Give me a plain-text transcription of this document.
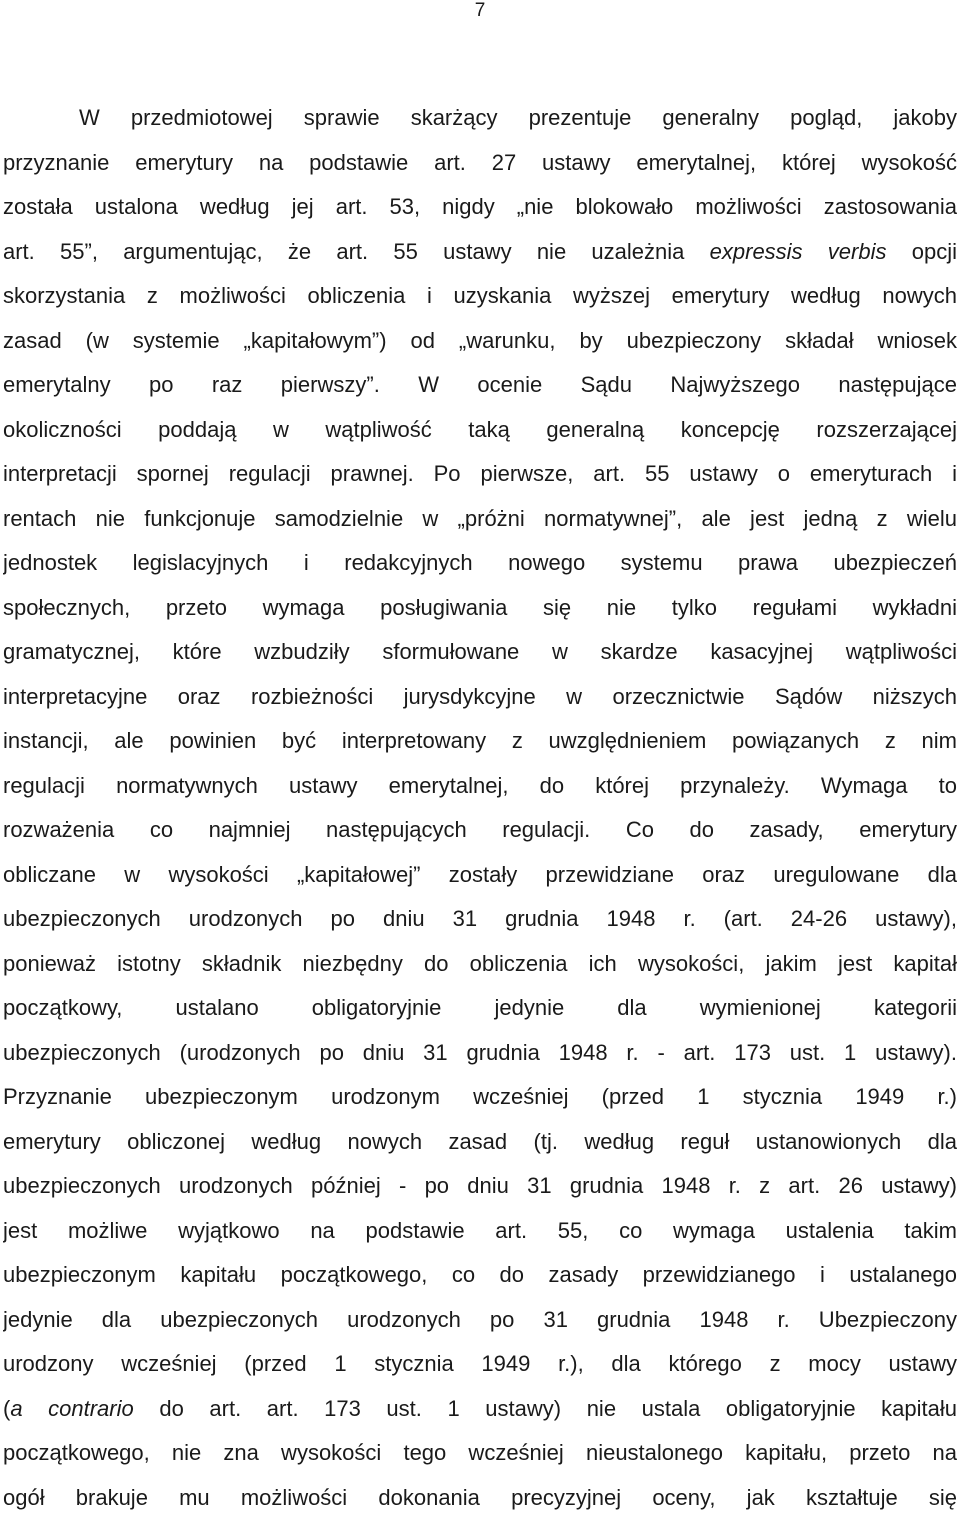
7
W przedmiotowej sprawie skarżący prezentuje generalny pogląd, jakoby
przyznanie emerytury na podstawie art. 27 ustawy emerytalnej, której wysokość
została ustalona według jej art. 53, nigdy „nie blokowało możliwości zastosowania
art. 55”, argumentując, że art. 55 ustawy nie uzależnia expressis verbis opcji
skorzystania z możliwości obliczenia i uzyskania wyższej emerytury według nowych
zasad (w systemie „kapitałowym”) od „warunku, by ubezpieczony składał wniosek
emerytalny po raz pierwszy”. W ocenie Sądu Najwyższego następujące
okoliczności poddają w wątpliwość taką generalną koncepcję rozszerzającej
interpretacji spornej regulacji prawnej. Po pierwsze, art. 55 ustawy o emeryturach i
rentach nie funkcjonuje samodzielnie w „próżni normatywnej”, ale jest jedną z wielu
jednostek legislacyjnych i redakcyjnych nowego systemu prawa ubezpieczeń
społecznych, przeto wymaga posługiwania się nie tylko regułami wykładni
gramatycznej, które wzbudziły sformułowane w skardze kasacyjnej wątpliwości
interpretacyjne oraz rozbieżności jurysdykcyjne w orzecznictwie Sądów niższych
instancji, ale powinien być interpretowany z uwzględnieniem powiązanych z nim
regulacji normatywnych ustawy emerytalnej, do której przynależy. Wymaga to
rozważenia co najmniej następujących regulacji. Co do zasady, emerytury
obliczane w wysokości „kapitałowej” zostały przewidziane oraz uregulowane dla
ubezpieczonych urodzonych po dniu 31 grudnia 1948 r. (art. 24-26 ustawy),
ponieważ istotny składnik niezbędny do obliczenia ich wysokości, jakim jest kapitał
początkowy, ustalano obligatoryjnie jedynie dla wymienionej kategorii
ubezpieczonych (urodzonych po dniu 31 grudnia 1948 r. - art. 173 ust. 1 ustawy).
Przyznanie ubezpieczonym urodzonym wcześniej (przed 1 stycznia 1949 r.)
emerytury obliczonej według nowych zasad (tj. według reguł ustanowionych dla
ubezpieczonych urodzonych później - po dniu 31 grudnia 1948 r. z art. 26 ustawy)
jest możliwe wyjątkowo na podstawie art. 55, co wymaga ustalenia takim
ubezpieczonym kapitału początkowego, co do zasady przewidzianego i ustalanego
jedynie dla ubezpieczonych urodzonych po 31 grudnia 1948 r. Ubezpieczony
urodzony wcześniej (przed 1 stycznia 1949 r.), dla którego z mocy ustawy
(a contrario do art. art. 173 ust. 1 ustawy) nie ustala obligatoryjnie kapitału
początkowego, nie zna wysokości tego wcześniej nieustalonego kapitału, przeto na
ogół brakuje mu możliwości dokonania precyzyjnej oceny, jak kształtuje się
